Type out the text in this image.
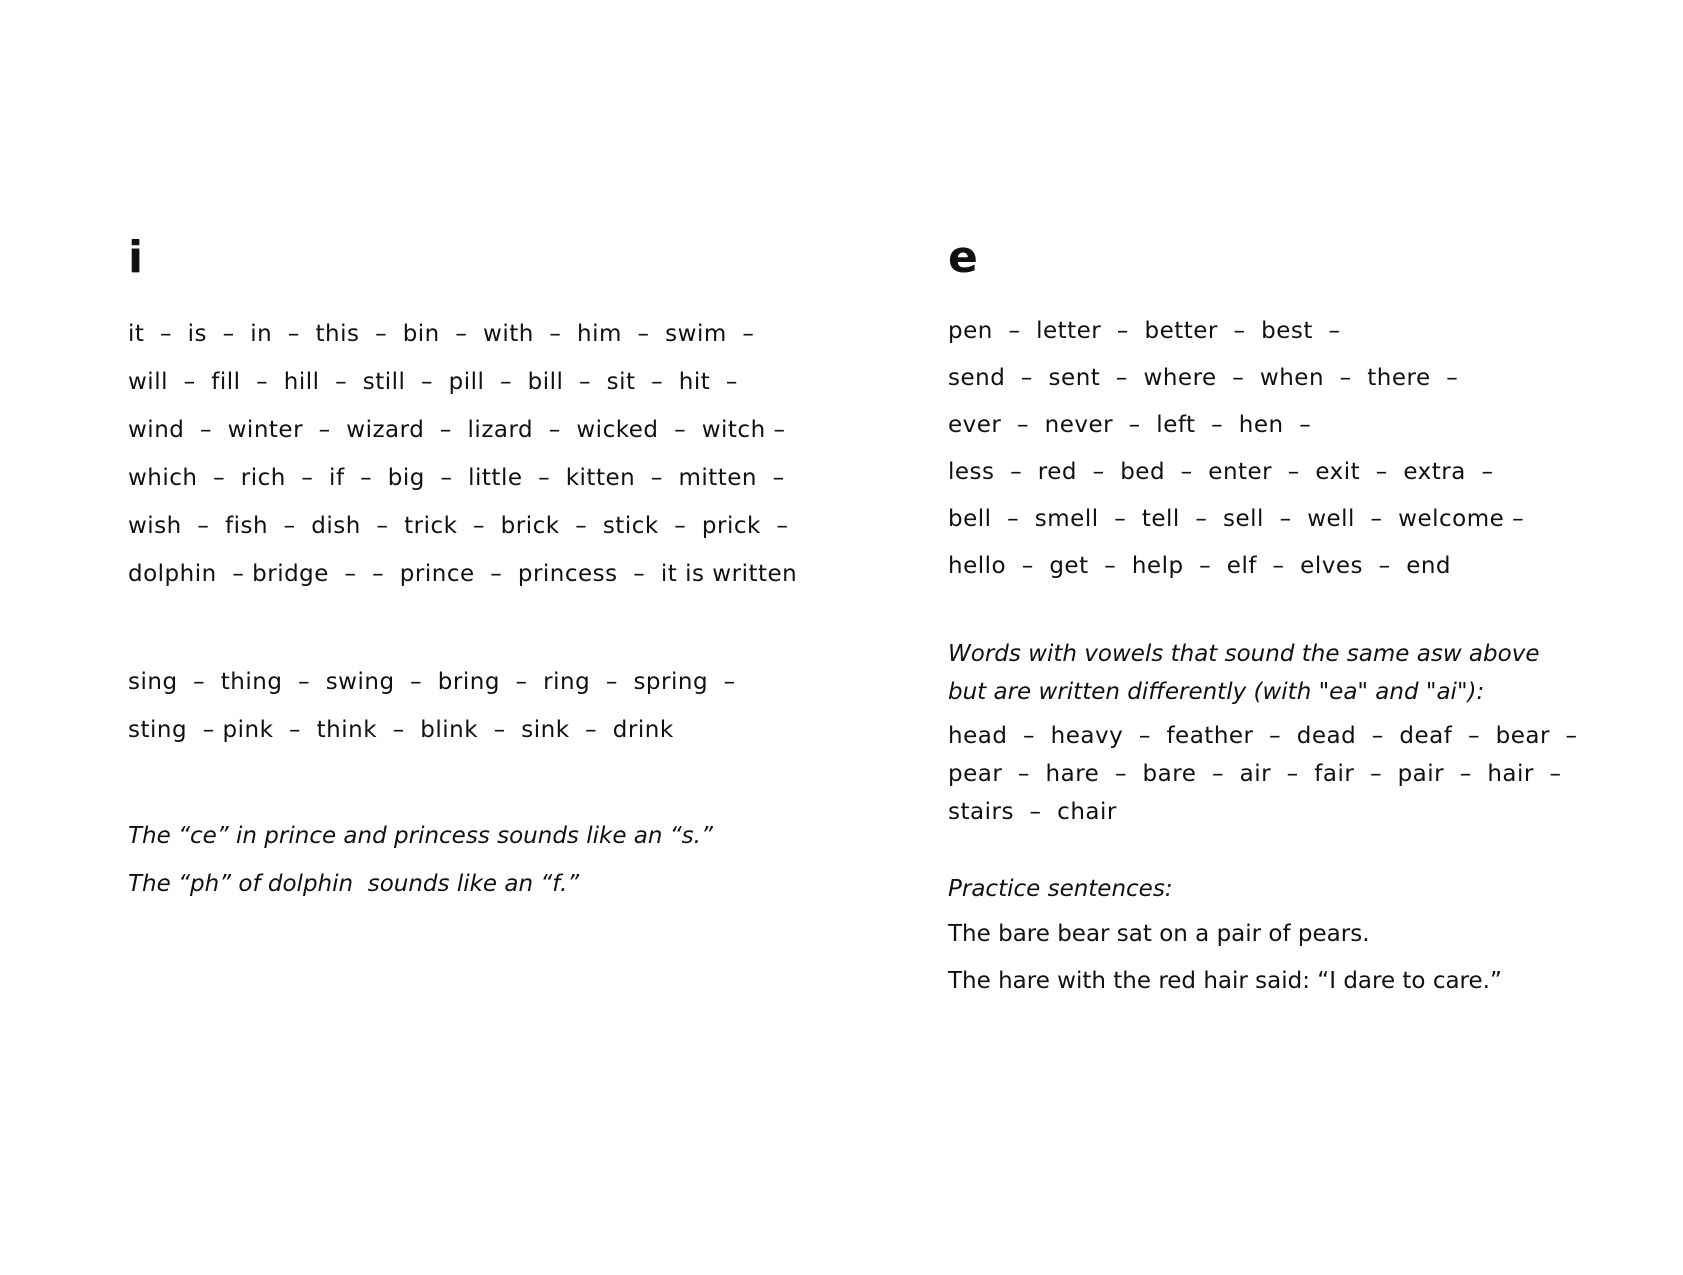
i
it  –  is  –  in  –  this  –  bin  –  with  –  him  –  swim  –
will  –  fill  –  hill  –  still  –  pill  –  bill  –  sit  –  hit  –
wind  –  winter  –  wizard  –  lizard  –  wicked  –  witch –
which  –  rich  –  if  –  big  –  little  –  kitten  –  mitten  –
wish  –  fish  –  dish  –  trick  –  brick  –  stick  –  prick  –
dolphin  – bridge  –  –  prince  –  princess  –  it is written
sing  –  thing  –  swing  –  bring  –  ring  –  spring  –
sting  – pink  –  think  –  blink  –  sink  –  drink
The “ce” in prince and princess sounds like an “s.”
The “ph” of dolphin  sounds like an “f.”
e
pen  –  letter  –  better  –  best  –
send  –  sent  –  where  –  when  –  there  –
ever  –  never  –  left  –  hen  –
less  –  red  –  bed  –  enter  –  exit  –  extra  –
bell  –  smell  –  tell  –  sell  –  well  –  welcome –
hello  –  get  –  help  –  elf  –  elves  –  end
Words with vowels that sound the same asw above but are written differently (with "ea" and "ai"):
head  –  heavy  –  feather  –  dead  –  deaf  –  bear  –
pear  –  hare  –  bare  –  air  –  fair  –  pair  –  hair  –
stairs  –  chair
Practice sentences:
The bare bear sat on a pair of pears.
The hare with the red hair said: “I dare to care.”
